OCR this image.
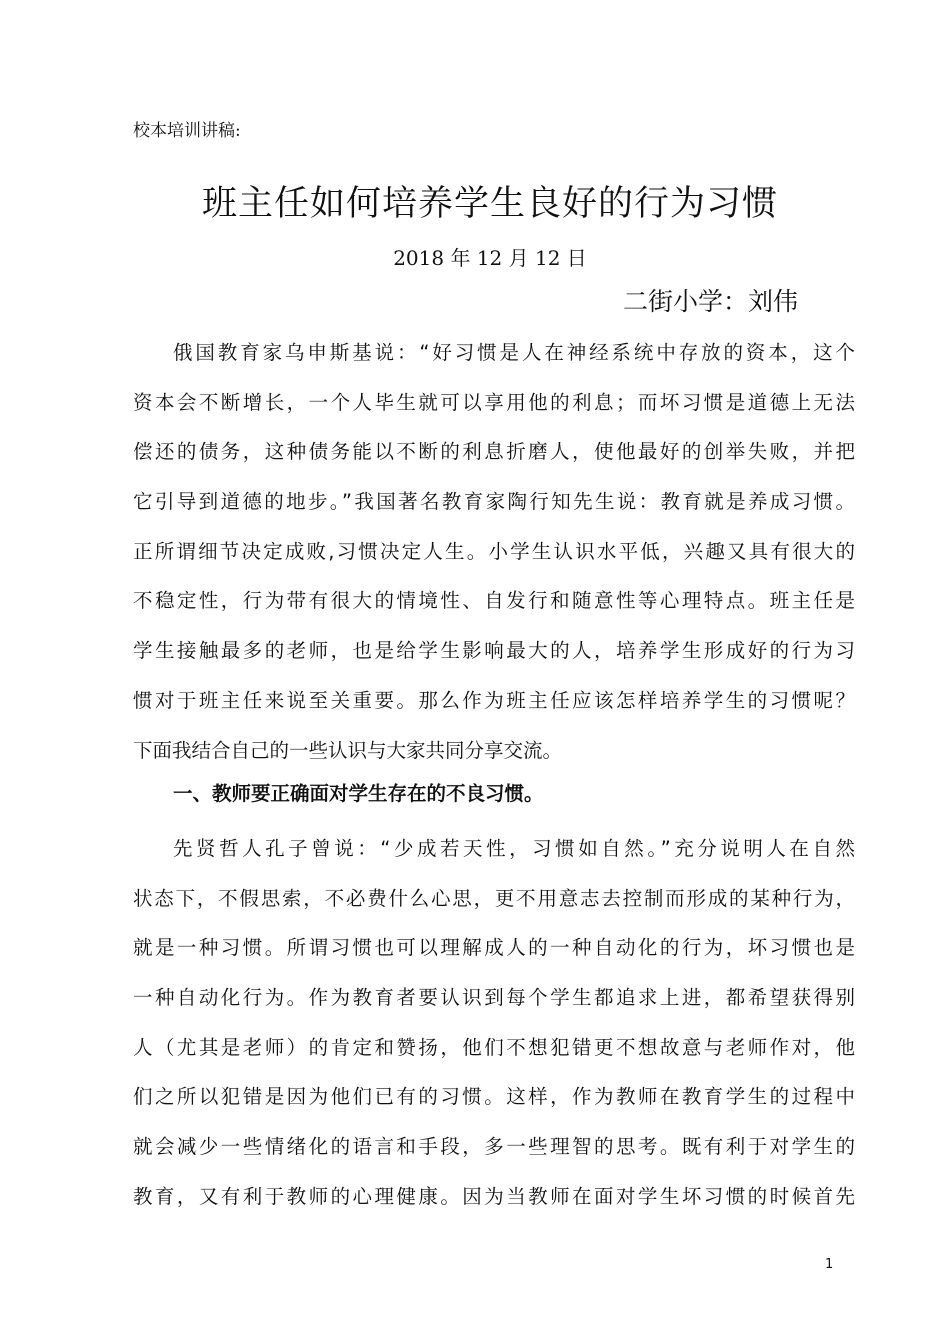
校本培训讲稿:
班主任如何培养学生良好的行为习惯
2018 年 12 月 12 日
二街小学：刘伟
俄国教育家乌申斯基说：“好习惯是人在神经系统中存放的资本，这个
资本会不断增长，一个人毕生就可以享用他的利息；而坏习惯是道德上无法
偿还的债务，这种债务能以不断的利息折磨人，使他最好的创举失败，并把
它引导到道德的地步。”我国著名教育家陶行知先生说：教育就是养成习惯。
正所谓细节决定成败,习惯决定人生。小学生认识水平低，兴趣又具有很大的
不稳定性，行为带有很大的情境性、自发行和随意性等心理特点。班主任是
学生接触最多的老师，也是给学生影响最大的人，培养学生形成好的行为习
惯对于班主任来说至关重要。那么作为班主任应该怎样培养学生的习惯呢？
下面我结合自己的一些认识与大家共同分享交流。
一、教师要正确面对学生存在的不良习惯。
先贤哲人孔子曾说：“少成若天性，习惯如自然。”充分说明人在自然
状态下，不假思索，不必费什么心思，更不用意志去控制而形成的某种行为，
就是一种习惯。所谓习惯也可以理解成人的一种自动化的行为，坏习惯也是
一种自动化行为。作为教育者要认识到每个学生都追求上进，都希望获得别
人（尤其是老师）的肯定和赞扬，他们不想犯错更不想故意与老师作对，他
们之所以犯错是因为他们已有的习惯。这样，作为教师在教育学生的过程中
就会减少一些情绪化的语言和手段，多一些理智的思考。既有利于对学生的
教育，又有利于教师的心理健康。因为当教师在面对学生坏习惯的时候首先
1
